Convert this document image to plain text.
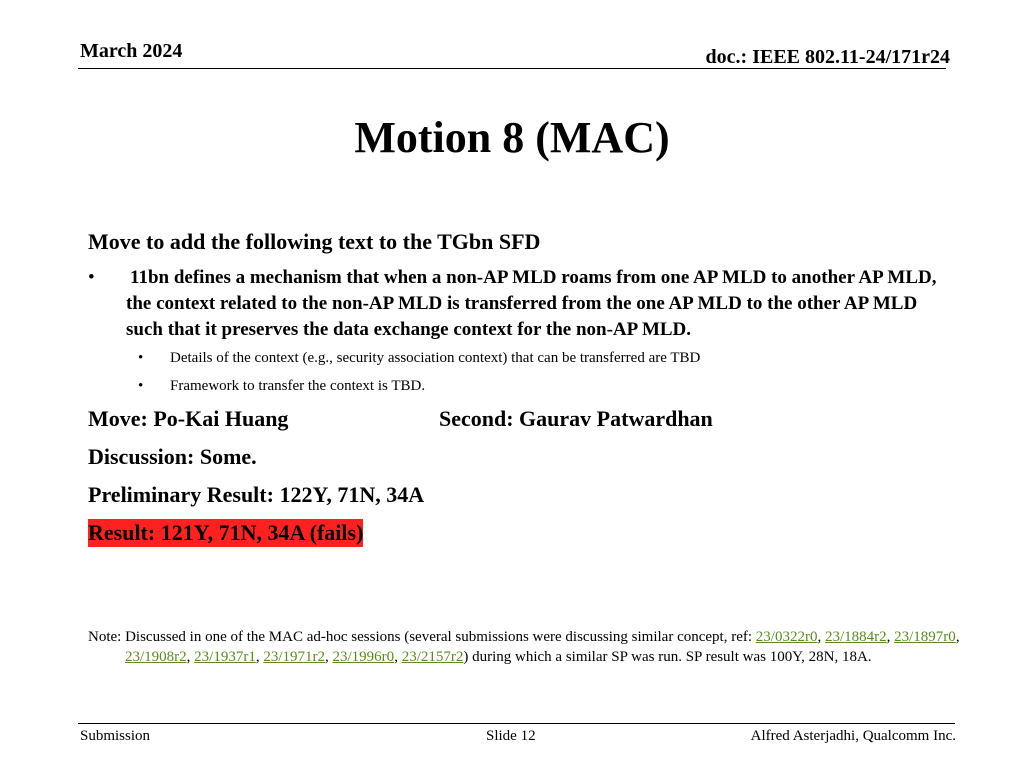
March 2024	doc.: IEEE 802.11-24/171r24
Motion 8 (MAC)
Move to add the following text to the TGbn SFD
• 11bn defines a mechanism that when a non-AP MLD roams from one AP MLD to another AP MLD, the context related to the non-AP MLD is transferred from the one AP MLD to the other AP MLD such that it preserves the data exchange context for the non-AP MLD.
• Details of the context (e.g., security association context) that can be transferred are TBD
• Framework to transfer the context is TBD.
Move: Po-Kai Huang	Second: Gaurav Patwardhan
Discussion: Some.
Preliminary Result: 122Y, 71N, 34A
Result: 121Y, 71N, 34A (fails)
Note: Discussed in one of the MAC ad-hoc sessions (several submissions were discussing similar concept, ref: 23/0322r0, 23/1884r2, 23/1897r0, 23/1908r2, 23/1937r1, 23/1971r2, 23/1996r0, 23/2157r2) during which a similar SP was run. SP result was 100Y, 28N, 18A.
Submission	Slide 12	Alfred Asterjadhi, Qualcomm Inc.
